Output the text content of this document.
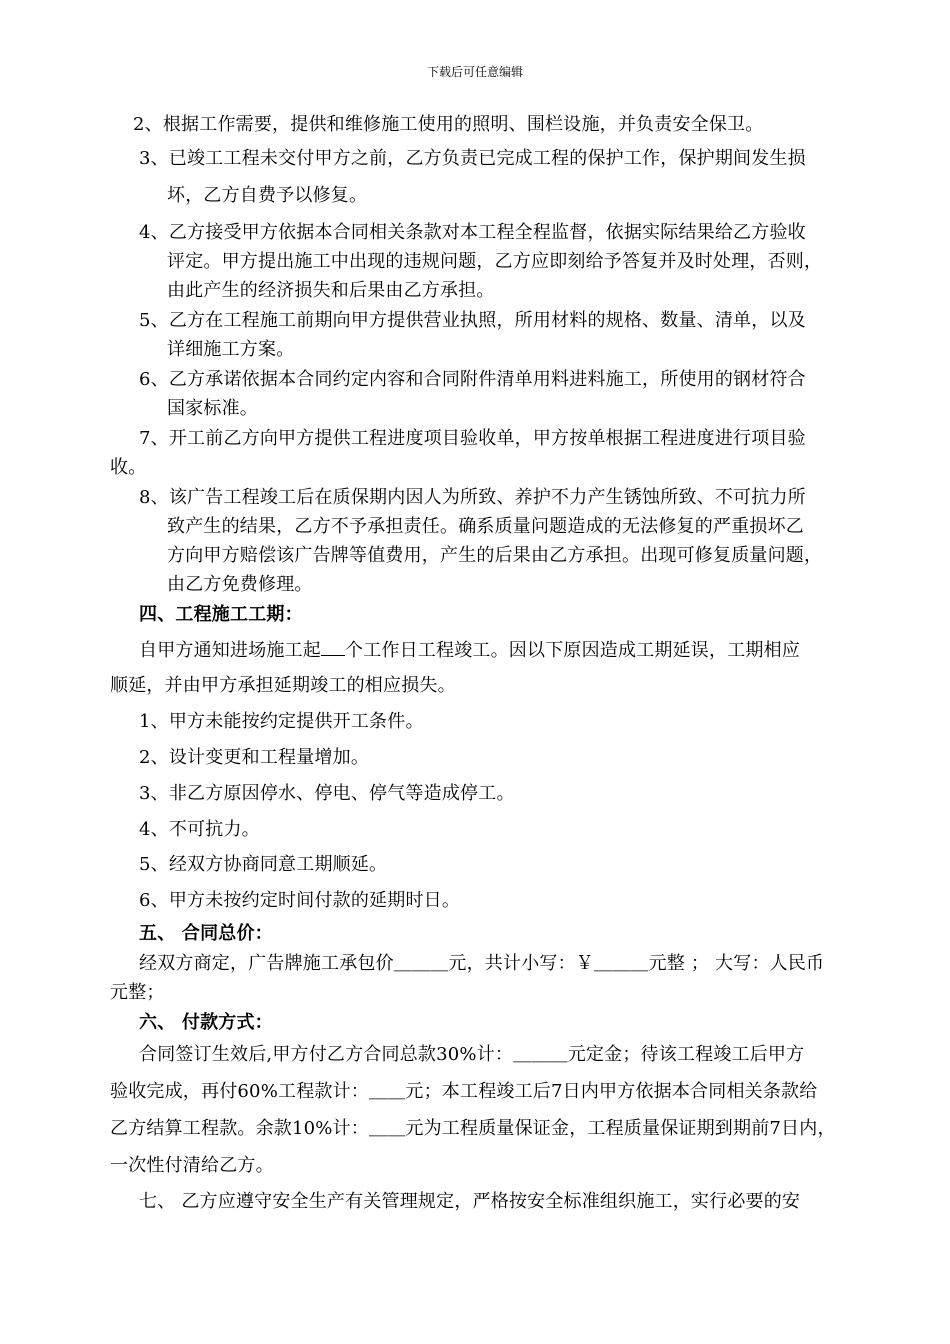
下载后可任意编辑
2、根据工作需要，提供和维修施工使用的照明、围栏设施，并负责安全保卫。
3、已竣工工程未交付甲方之前，乙方负责已完成工程的保护工作，保护期间发生损
坏，乙方自费予以修复。
4、乙方接受甲方依据本合同相关条款对本工程全程监督，依据实际结果给乙方验收
评定。甲方提出施工中出现的违规问题，乙方应即刻给予答复并及时处理，否则，
由此产生的经济损失和后果由乙方承担。
5、乙方在工程施工前期向甲方提供营业执照，所用材料的规格、数量、清单，以及
详细施工方案。
6、乙方承诺依据本合同约定内容和合同附件清单用料进料施工，所使用的钢材符合
国家标准。
7、开工前乙方向甲方提供工程进度项目验收单，甲方按单根据工程进度进行项目验
收。
8、该广告工程竣工后在质保期内因人为所致、养护不力产生锈蚀所致、不可抗力所
致产生的结果，乙方不予承担责任。确系质量问题造成的无法修复的严重损坏乙
方向甲方赔偿该广告牌等值费用，产生的后果由乙方承担。出现可修复质量问题，
由乙方免费修理。
四、工程施工工期：
自甲方通知进场施工起 个工作日工程竣工。因以下原因造成工期延误，工期相应
顺延，并由甲方承担延期竣工的相应损失。
1、甲方未能按约定提供开工条件。
2、设计变更和工程量增加。
3、非乙方原因停水、停电、停气等造成停工。
4、不可抗力。
5、经双方协商同意工期顺延。
6、甲方未按约定时间付款的延期时日。
五、 合同总价：
经双方商定，广告牌施工承包价＿＿＿元，共计小写：￥＿＿＿元整 ； 大写：人民币
元整；
六、 付款方式：
合同签订生效后,甲方付乙方合同总款30%计：＿＿＿元定金；待该工程竣工后甲方
验收完成，再付60%工程款计：＿＿元；本工程竣工后7日内甲方依据本合同相关条款给
乙方结算工程款。余款10%计：＿＿元为工程质量保证金，工程质量保证期到期前7日内，
一次性付清给乙方。
七、 乙方应遵守安全生产有关管理规定，严格按安全标准组织施工，实行必要的安
